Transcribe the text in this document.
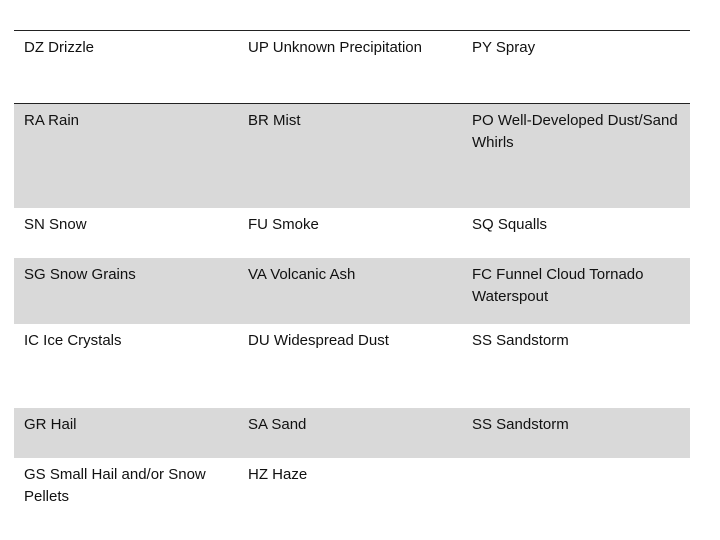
DZ Drizzle	UP Unknown Precipitation	PY Spray
RA Rain	BR Mist	PO Well-Developed Dust/Sand Whirls
SN Snow	FU Smoke	SQ Squalls
SG Snow Grains	VA Volcanic Ash	FC Funnel Cloud Tornado Waterspout
IC Ice Crystals	DU Widespread Dust	SS Sandstorm
GR Hail	SA Sand	SS Sandstorm
GS Small Hail and/or Snow Pellets	HZ Haze	
